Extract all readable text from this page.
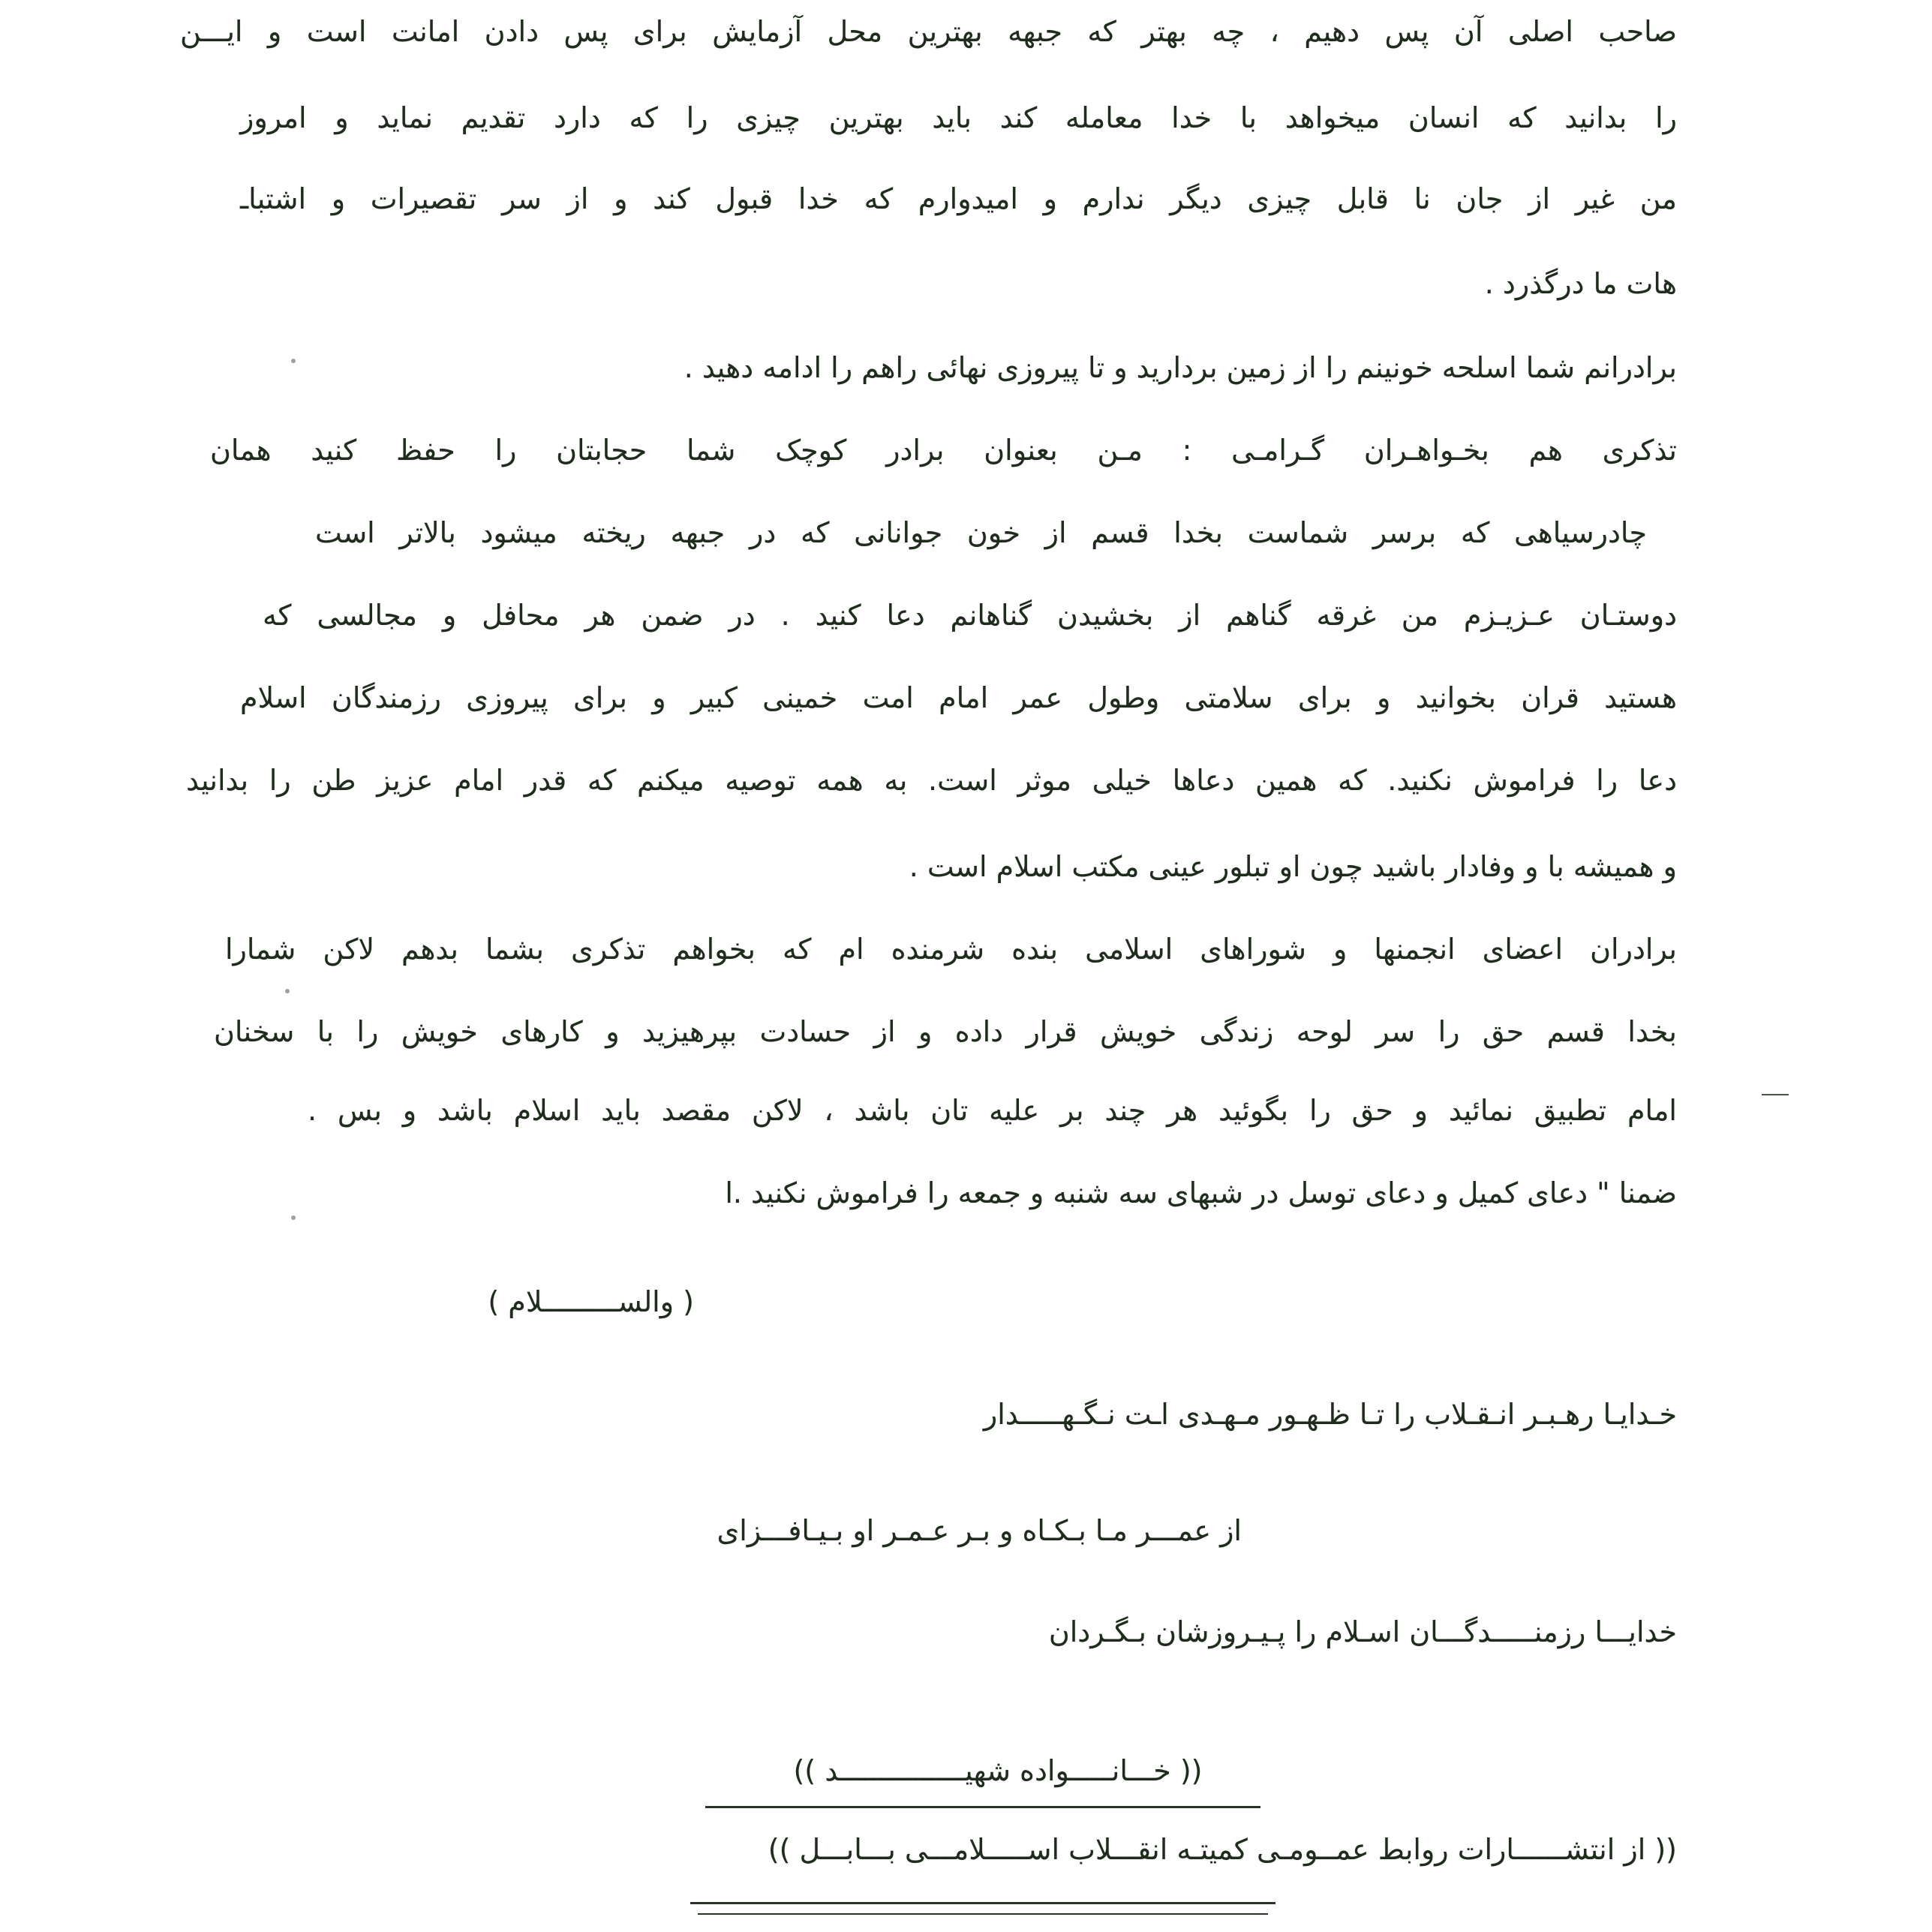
صاحب اصلی آن پس دهیم ، چه بهتر که جبهه بهترین محل آزمایش برای پس دادن امانت است و ایـــن
را بدانید که انسان میخواهد با خدا معامله کند باید بهترین چیزی را که دارد تقدیم نماید و امروز
من غیر از جان نا قابل چیزی دیگر ندارم و امیدوارم که خدا قبول کند و از سر تقصیرات و اشتباـ
هات ما درگذرد .
برادرانم شما اسلحه خونینم را از زمین بردارید و تا پیروزی نهائی راهم را ادامه دهید .
تذکری هم بخـواهـران گـرامـی : مـن بعنوان برادر کوچک شما حجابتان را حفظ کنید همان
چادرسیاهی که برسر شماست بخدا قسم از خون جوانانی که در جبهه ریخته میشود بالاتر است
دوستـان عـزیـزم من غرقه گناهم از بخشیدن گناهانم دعا کنید . در ضمن هر محافل و مجالسی که
هستید قران بخوانید و برای سلامتی وطول عمر امام امت خمینی کبیر و برای پیروزی رزمندگان اسلام
دعا را فراموش نکنید. که همین دعاها خیلی موثر است. به همه توصیه میکنم که قدر امام عزیز طن را بدانید
و همیشه با و وفادار باشید چون او تبلور عینی مکتب اسلام است .
برادران اعضای انجمنها و شوراهای اسلامی بنده شرمنده ام که بخواهم تذکری بشما بدهم لاکن شمارا
بخدا قسم حق را سر لوحه زندگی خویش قرار داده و از حسادت بپرهیزید و کارهای خویش را با سخنان
امام تطبیق نمائید و حق را بگوئید هر چند بر علیه تان باشد ، لاکن مقصد باید اسلام باشد و بس .
ضمنا " دعای کمیل و دعای توسل در شبهای سه شنبه و جمعه را فراموش نکنید .ا
( والســـــــــلام )
خـدایـا رهـبـر انـقـلاب را تـا ظـهـور مـهـدی اـت نـگـهـــــدار
از عمـــر مـا بـکـاه و بـر عـمـر او بـیـافـــزای
خدایـــا رزمنـــــدگـــان اسـلام را پـیـروزشان بـگـردان
(( خـــانـــــواده شهیـــــــــــــــد ))
(( از انتشــــــارات روابط عمــومـی کمیتـه انقـــلاب اســـــلامـــی بـــابـــل ))
